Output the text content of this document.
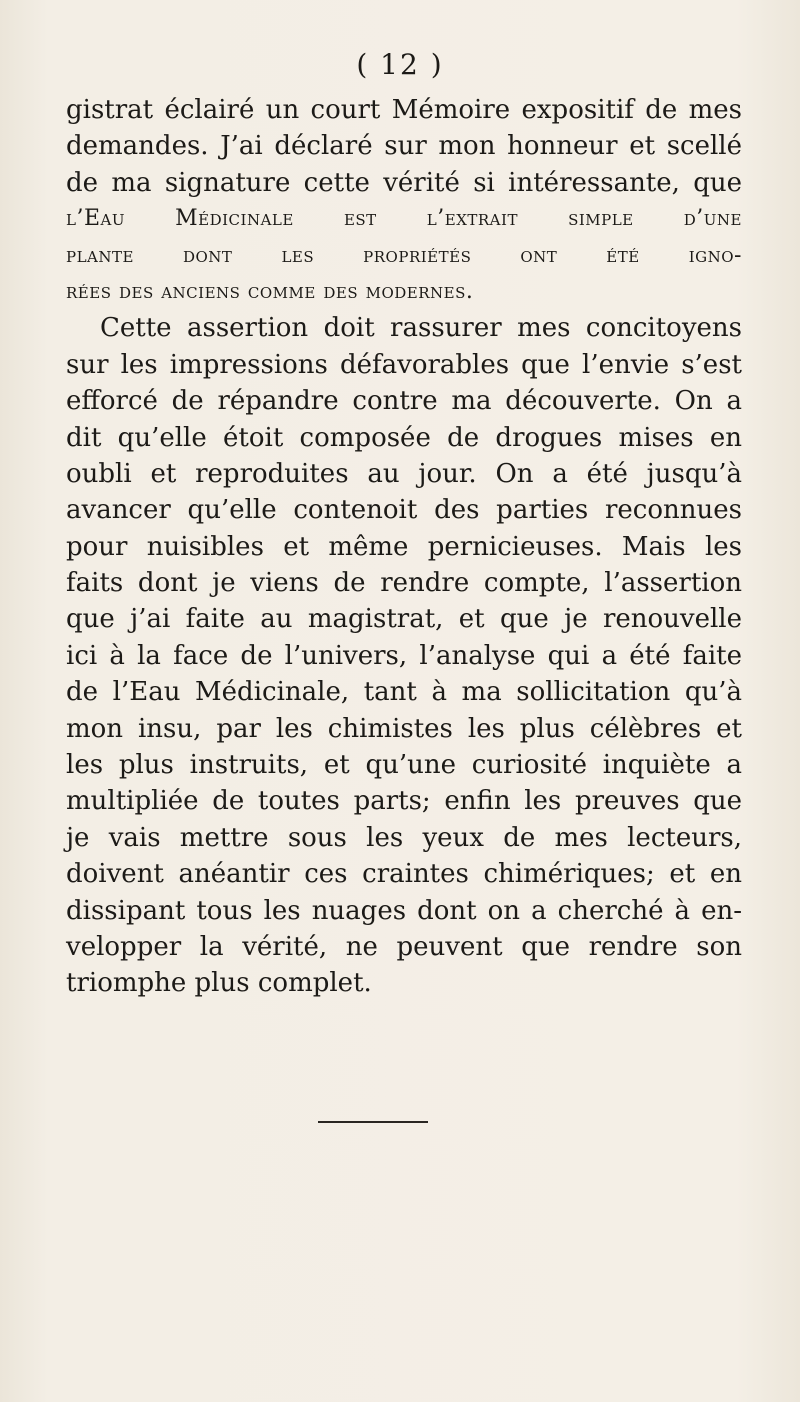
( 12 )
gistrat éclairé un court Mémoire expositif de mes
demandes. J’ai déclaré sur mon honneur et scellé
de ma signature cette vérité si intéressante, que
l’Eau Médicinale est l’extrait simple d’une
plante dont les propriétés ont été igno-
rées des anciens comme des modernes.
Cette assertion doit rassurer mes concitoyens
sur les impressions défavorables que l’envie s’est
efforcé de répandre contre ma découverte. On a
dit qu’elle étoit composée de drogues mises en
oubli et reproduites au jour. On a été jusqu’à
avancer qu’elle contenoit des parties reconnues
pour nuisibles et même pernicieuses. Mais les
faits dont je viens de rendre compte, l’assertion
que j’ai faite au magistrat, et que je renouvelle
ici à la face de l’univers, l’analyse qui a été faite
de l’Eau Médicinale, tant à ma sollicitation qu’à
mon insu, par les chimistes les plus célèbres et
les plus instruits, et qu’une curiosité inquiète a
multipliée de toutes parts; enfin les preuves que
je vais mettre sous les yeux de mes lecteurs,
doivent anéantir ces craintes chimériques; et en
dissipant tous les nuages dont on a cherché à en-
velopper la vérité, ne peuvent que rendre son
triomphe plus complet.
